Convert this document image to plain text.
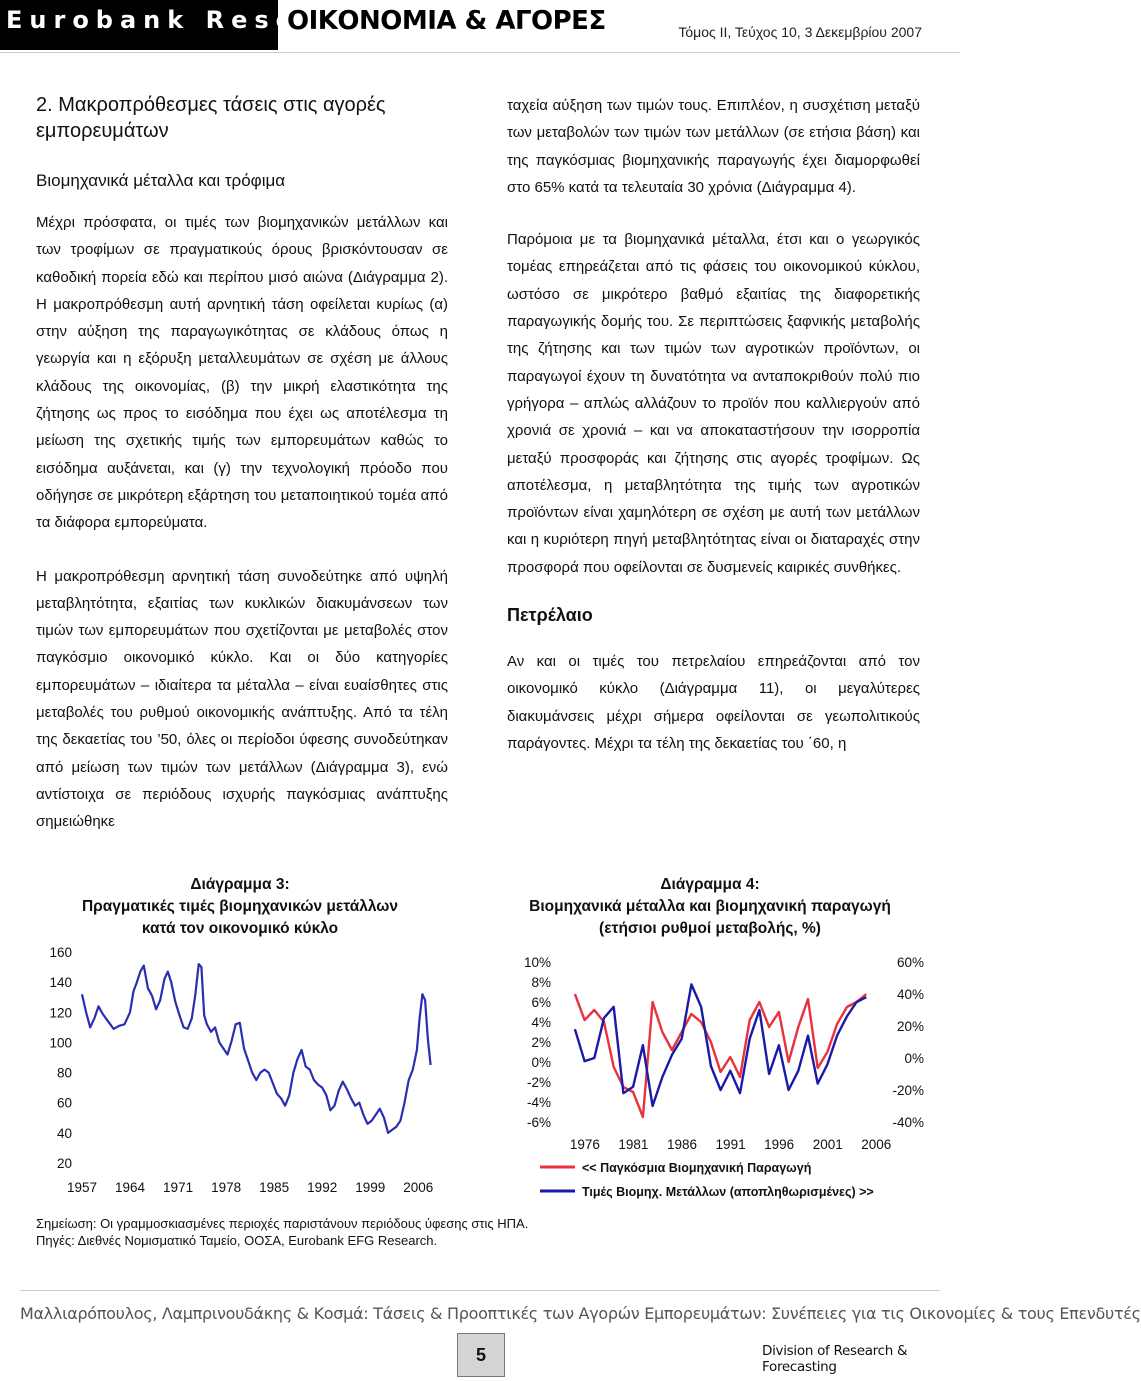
Eurobank Research
ΟΙΚΟΝΟΜΙΑ & ΑΓΟΡΕΣ	Τόμος ΙΙ, Τεύχος 10, 3 Δεκεμβρίου 2007
2. Μακροπρόθεσμες τάσεις στις αγορές εμπορευμάτων
Βιομηχανικά μέταλλα και τρόφιμα

Μέχρι πρόσφατα, οι τιμές των βιομηχανικών μετάλλων και των τροφίμων σε πραγματικούς όρους βρισκόντουσαν σε καθοδική πορεία εδώ και περίπου μισό αιώνα (Διάγραμμα 2). Η μακροπρόθεσμη αυτή αρνητική τάση οφείλεται κυρίως (α) στην αύξηση της παραγωγικότητας σε κλάδους όπως η γεωργία και η εξόρυξη μεταλλευμάτων σε σχέση με άλλους κλάδους της οικονομίας, (β) την μικρή ελαστικότητα της ζήτησης ως προς το εισόδημα που έχει ως αποτέλεσμα τη μείωση της σχετικής τιμής των εμπορευμάτων καθώς το εισόδημα αυξάνεται, και (γ) την τεχνολογική πρόοδο που οδήγησε σε μικρότερη εξάρτηση του μεταποιητικού τομέα από τα διάφορα εμπορεύματα.

Η μακροπρόθεσμη αρνητική τάση συνοδεύτηκε από υψηλή μεταβλητότητα, εξαιτίας των κυκλικών διακυμάνσεων των τιμών των εμπορευμάτων που σχετίζονται με μεταβολές στον παγκόσμιο οικονομικό κύκλο. Και οι δύο κατηγορίες εμπορευμάτων – ιδιαίτερα τα μέταλλα – είναι ευαίσθητες στις μεταβολές του ρυθμού οικονομικής ανάπτυξης. Από τα τέλη της δεκαετίας του ’50, όλες οι περίοδοι ύφεσης συνοδεύτηκαν από μείωση των τιμών των μετάλλων (Διάγραμμα 3), ενώ αντίστοιχα σε περιόδους ισχυρής παγκόσμιας ανάπτυξης σημειώθηκε

ταχεία αύξηση των τιμών τους. Επιπλέον, η συσχέτιση μεταξύ των μεταβολών των τιμών των μετάλλων (σε ετήσια βάση) και της παγκόσμιας βιομηχανικής παραγωγής έχει διαμορφωθεί στο 65% κατά τα τελευταία 30 χρόνια (Διάγραμμα 4).

Παρόμοια με τα βιομηχανικά μέταλλα, έτσι και ο γεωργικός τομέας επηρεάζεται από τις φάσεις του οικονομικού κύκλου, ωστόσο σε μικρότερο βαθμό εξαιτίας της διαφορετικής παραγωγικής δομής του. Σε περιπτώσεις ξαφνικής μεταβολής της ζήτησης και των τιμών των αγροτικών προϊόντων, οι παραγωγοί έχουν τη δυνατότητα να ανταποκριθούν πολύ πιο γρήγορα – απλώς αλλάζουν το προϊόν που καλλιεργούν από χρονιά σε χρονιά – και να αποκαταστήσουν την ισορροπία μεταξύ προσφοράς και ζήτησης στις αγορές τροφίμων. Ως αποτέλεσμα, η μεταβλητότητα της τιμής των αγροτικών προϊόντων είναι χαμηλότερη σε σχέση με αυτή των μετάλλων και η κυριότερη πηγή μεταβλητότητας είναι οι διαταραχές στην προσφορά που οφείλονται σε δυσμενείς καιρικές συνθήκες.

Πετρέλαιο

Αν και οι τιμές του πετρελαίου επηρεάζονται από τον οικονομικό κύκλο (Διάγραμμα 11), οι μεγαλύτερες διακυμάνσεις μέχρι σήμερα οφείλονται σε γεωπολιτικούς παράγοντες. Μέχρι τα τέλη της δεκαετίας του ΄60, η

Διάγραμμα 3:
Πραγματικές τιμές βιομηχανικών μετάλλων
κατά τον οικονομικό κύκλο
160
140
120
100
80
60
40
20
1957 1964 1971 1978 1985 1992 1999 2006
Διάγραμμα 4:
Βιομηχανικά μέταλλα και βιομηχανική παραγωγή
(ετήσιοι ρυθμοί μεταβολής, %)
10%
8%
6%
4%
2%
0%
-2%
-4%
-6%
60%
40%
20%
0%
-20%
-40%
1976 1981 1986 1991 1996 2001 2006
<< Παγκόσμια Βιομηχανική Παραγωγή
Τιμές Βιομηχ. Μετάλλων (αποπληθωρισμένες) >>
Σημείωση: Οι γραμμοσκιασμένες περιοχές παριστάνουν περιόδους ύφεσης στις ΗΠΑ.
Πηγές: Διεθνές Νομισματικό Ταμείο, ΟΟΣΑ, Eurobank EFG Research.
Μαλλιαρόπουλος, Λαμπρινουδάκης & Κοσμά: Τάσεις & Προοπτικές των Αγορών Εμπορευμάτων: Συνέπειες για τις Οικονομίες & τους Επενδυτές
5	Division of Research & Forecasting
